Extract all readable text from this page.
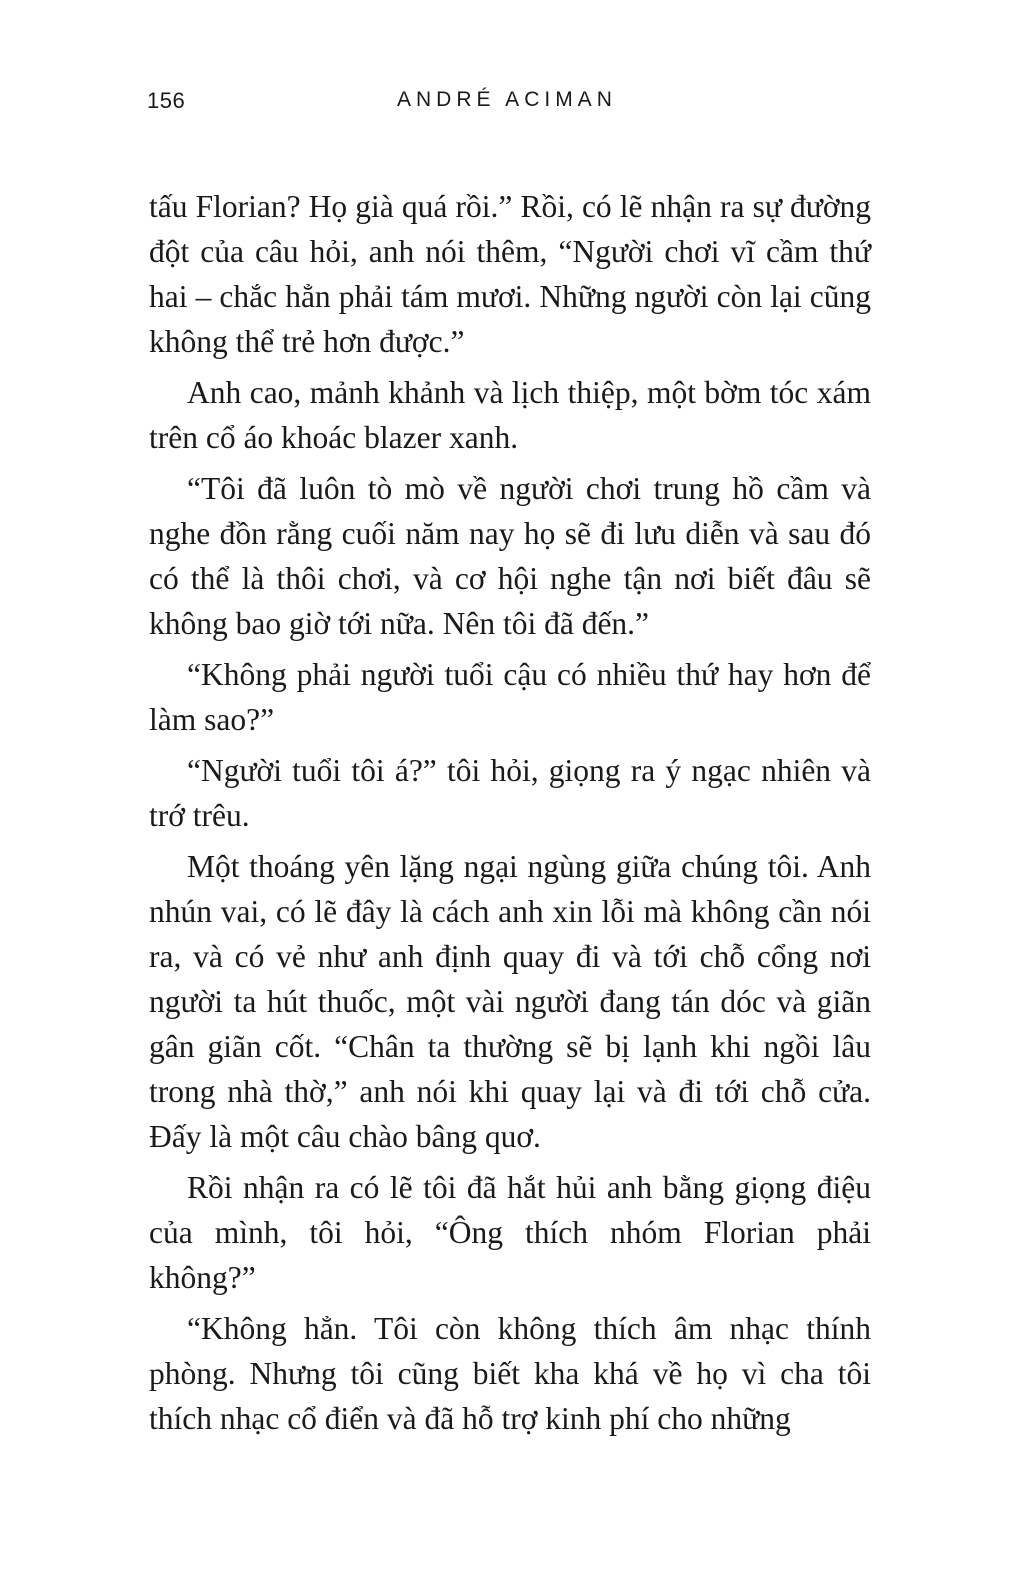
156	ANDRÉ ACIMAN

tấu Florian? Họ già quá rồi.” Rồi, có lẽ nhận ra sự đường đột của câu hỏi, anh nói thêm, “Người chơi vĩ cầm thứ hai – chắc hẳn phải tám mươi. Những người còn lại cũng không thể trẻ hơn được.”

Anh cao, mảnh khảnh và lịch thiệp, một bờm tóc xám trên cổ áo khoác blazer xanh.

“Tôi đã luôn tò mò về người chơi trung hồ cầm và nghe đồn rằng cuối năm nay họ sẽ đi lưu diễn và sau đó có thể là thôi chơi, và cơ hội nghe tận nơi biết đâu sẽ không bao giờ tới nữa. Nên tôi đã đến.”

“Không phải người tuổi cậu có nhiều thứ hay hơn để làm sao?”

“Người tuổi tôi á?” tôi hỏi, giọng ra ý ngạc nhiên và trớ trêu.

Một thoáng yên lặng ngại ngùng giữa chúng tôi. Anh nhún vai, có lẽ đây là cách anh xin lỗi mà không cần nói ra, và có vẻ như anh định quay đi và tới chỗ cổng nơi người ta hút thuốc, một vài người đang tán dóc và giãn gân giãn cốt. “Chân ta thường sẽ bị lạnh khi ngồi lâu trong nhà thờ,” anh nói khi quay lại và đi tới chỗ cửa. Đấy là một câu chào bâng quơ.

Rồi nhận ra có lẽ tôi đã hắt hủi anh bằng giọng điệu của mình, tôi hỏi, “Ông thích nhóm Florian phải không?”

“Không hẳn. Tôi còn không thích âm nhạc thính phòng. Nhưng tôi cũng biết kha khá về họ vì cha tôi thích nhạc cổ điển và đã hỗ trợ kinh phí cho những
